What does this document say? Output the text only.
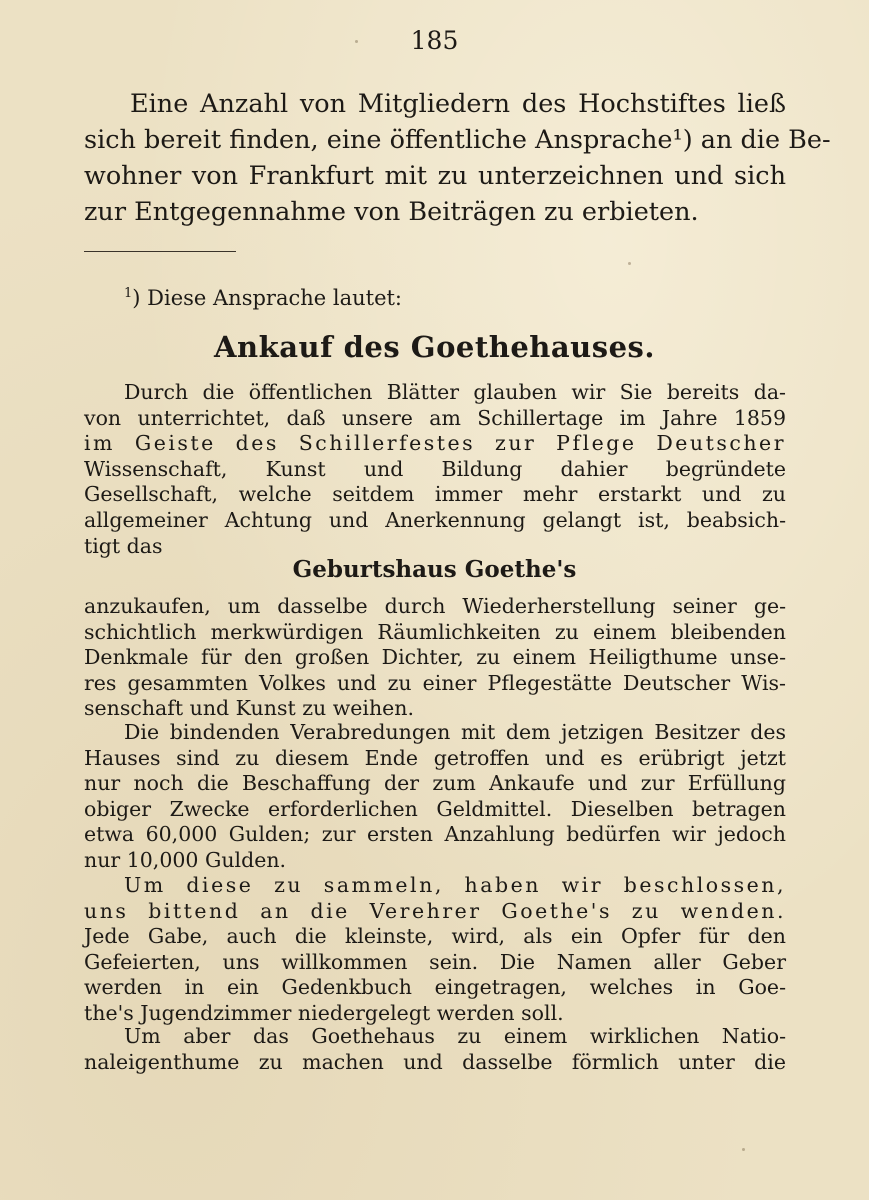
185
Eine Anzahl von Mitgliedern des Hochstiftes ließ
sich bereit finden, eine öffentliche Ansprache¹) an die Be-
wohner von Frankfurt mit zu unterzeichnen und sich
zur Entgegennahme von Beiträgen zu erbieten.
$^1$) Diese Ansprache lautet:
Ankauf des Goethehauses.
Durch die öffentlichen Blätter glauben wir Sie bereits da-
von unterrichtet, daß unsere am Schillertage im Jahre 1859
im Geiste des Schillerfestes zur Pflege Deutscher
Wissenschaft, Kunst und Bildung dahier begründete
Gesellschaft, welche seitdem immer mehr erstarkt und zu
allgemeiner Achtung und Anerkennung gelangt ist, beabsich-
tigt das
Geburtshaus Goethe's
anzukaufen, um dasselbe durch Wiederherstellung seiner ge-
schichtlich merkwürdigen Räumlichkeiten zu einem bleibenden
Denkmale für den großen Dichter, zu einem Heiligthume unse-
res gesammten Volkes und zu einer Pflegestätte Deutscher Wis-
senschaft und Kunst zu weihen.
Die bindenden Verabredungen mit dem jetzigen Besitzer des
Hauses sind zu diesem Ende getroffen und es erübrigt jetzt
nur noch die Beschaffung der zum Ankaufe und zur Erfüllung
obiger Zwecke erforderlichen Geldmittel. Dieselben betragen
etwa 60,000 Gulden; zur ersten Anzahlung bedürfen wir jedoch
nur 10,000 Gulden.
Um diese zu sammeln, haben wir beschlossen,
uns bittend an die Verehrer Goethe's zu wenden.
Jede Gabe, auch die kleinste, wird, als ein Opfer für den
Gefeierten, uns willkommen sein. Die Namen aller Geber
werden in ein Gedenkbuch eingetragen, welches in Goe-
the's Jugendzimmer niedergelegt werden soll.
Um aber das Goethehaus zu einem wirklichen Natio-
naleigenthume zu machen und dasselbe förmlich unter die
